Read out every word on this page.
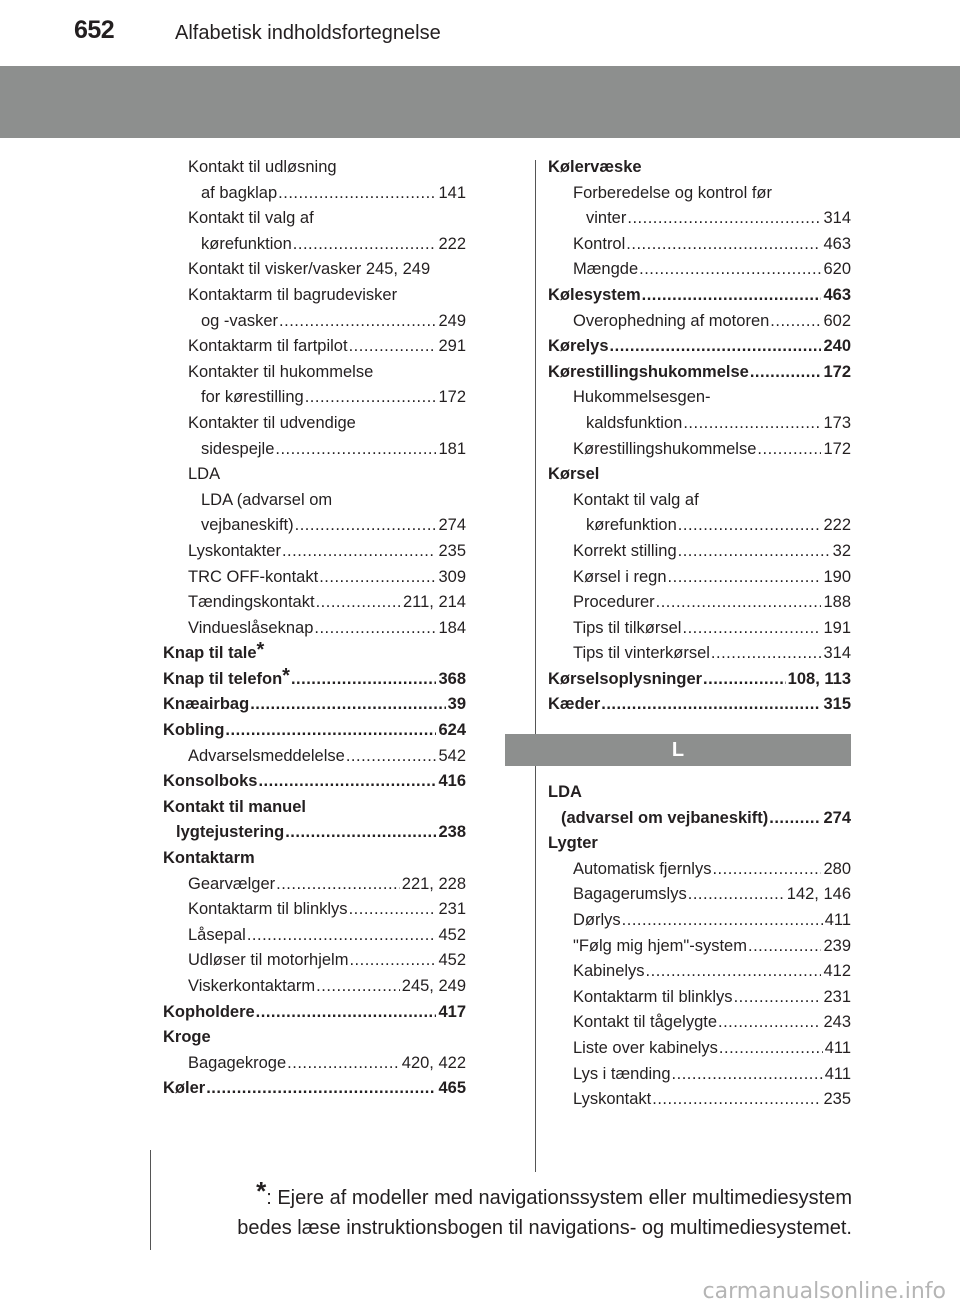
652	Alfabetisk indholdsfortegnelse
Kontakt til udløsning
af bagklap .....	141
Kontakt til valg af
kørefunktion .....	222
Kontakt til visker/vasker 245, 249
Kontaktarm til bagrudevisker
og -vasker .....	249
Kontaktarm til fartpilot .....	291
Kontakter til hukommelse
for kørestilling .....	172
Kontakter til udvendige
sidespejle .....	181
LDA
LDA (advarsel om
vejbaneskift) .....	274
Lyskontakter .....	235
TRC OFF-kontakt .....	309
Tændingskontakt .....	211, 214
Vindueslåseknap .....	184
Knap til tale*
Knap til telefon* .....	368
Knæairbag .....	39
Kobling .....	624
Advarselsmeddelelse .....	542
Konsolboks .....	416
Kontakt til manuel
lygtejustering .....	238
Kontaktarm
Gearvælger .....	221, 228
Kontaktarm til blinklys .....	231
Låsepal .....	452
Udløser til motorhjelm .....	452
Viskerkontaktarm .....	245, 249
Kopholdere .....	417
Kroge
Bagagekroge .....	420, 422
Køler .....	465
Kølervæske
Forberedelse og kontrol før
vinter .....	314
Kontrol .....	463
Mængde .....	620
Kølesystem .....	463
Overophedning af motoren .....	602
Kørelys .....	240
Kørestillingshukommelse .....	172
Hukommelsesgen-
kaldsfunktion .....	173
Kørestillingshukommelse .....	172
Kørsel
Kontakt til valg af
kørefunktion .....	222
Korrekt stilling .....	32
Kørsel i regn .....	190
Procedurer .....	188
Tips til tilkørsel .....	191
Tips til vinterkørsel .....	314
Kørselsoplysninger .....	108, 113
Kæder .....	315
L
LDA
(advarsel om vejbaneskift) .....	274
Lygter
Automatisk fjernlys .....	280
Bagagerumslys .....	142, 146
Dørlys .....	411
"Følg mig hjem"-system .....	239
Kabinelys .....	412
Kontaktarm til blinklys .....	231
Kontakt til tågelygte .....	243
Liste over kabinelys .....	411
Lys i tænding .....	411
Lyskontakt .....	235
*: Ejere af modeller med navigationssystem eller multimediesystem
bedes læse instruktionsbogen til navigations- og multimediesystemet.
carmanualsonline.info
